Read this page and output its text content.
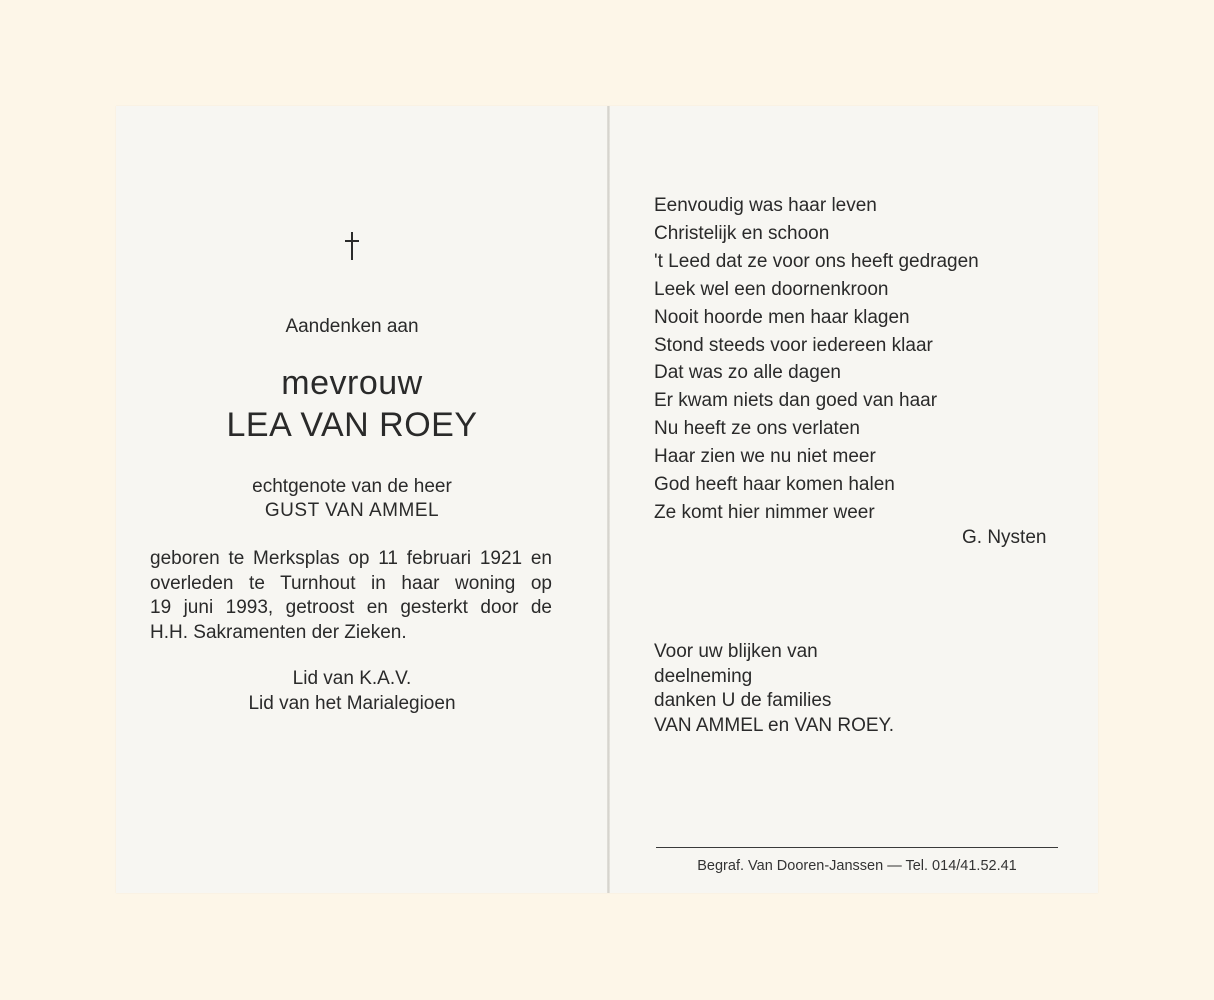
Aandenken aan
mevrouw
LEA VAN ROEY
echtgenote van de heer
GUST VAN AMMEL
geboren te Merksplas op 11 februari 1921 en
overleden te Turnhout in haar woning op
19 juni 1993, getroost en gesterkt door de
H.H. Sakramenten der Zieken.
Lid van K.A.V.
Lid van het Marialegioen
Eenvoudig was haar leven
Christelijk en schoon
't Leed dat ze voor ons heeft gedragen
Leek wel een doornenkroon
Nooit hoorde men haar klagen
Stond steeds voor iedereen klaar
Dat was zo alle dagen
Er kwam niets dan goed van haar
Nu heeft ze ons verlaten
Haar zien we nu niet meer
God heeft haar komen halen
Ze komt hier nimmer weer
G. Nysten
Voor uw blijken van
deelneming
danken U de families
VAN AMMEL en VAN ROEY.
Begraf. Van Dooren-Janssen — Tel. 014/41.52.41
